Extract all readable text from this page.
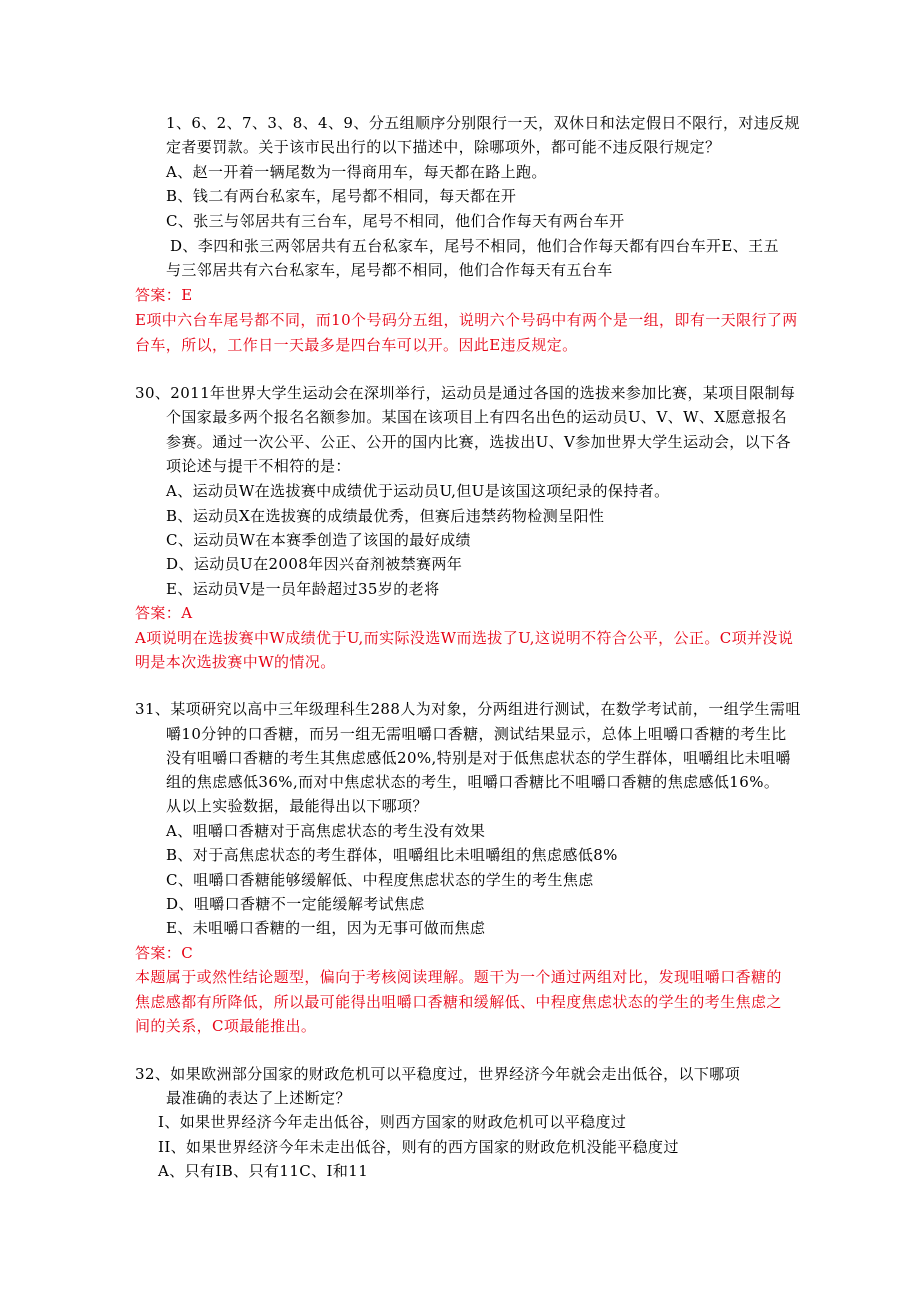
1、6、2、7、3、8、4、9、分五组顺序分别限行一天，双休日和法定假日不限行，对违反规

定者要罚款。关于该市民出行的以下描述中，除哪项外，都可能不违反限行规定？

A、赵一开着一辆尾数为一得商用车，每天都在路上跑。

B、钱二有两台私家车，尾号都不相同，每天都在开

C、张三与邻居共有三台车，尾号不相同，他们合作每天有两台车开

D、李四和张三两邻居共有五台私家车，尾号不相同，他们合作每天都有四台车开E、王五

与三邻居共有六台私家车，尾号都不相同，他们合作每天有五台车

答案：E

E项中六台车尾号都不同，而10个号码分五组，说明六个号码中有两个是一组，即有一天限行了两

台车，所以，工作日一天最多是四台车可以开。因此E违反规定。

30、2011年世界大学生运动会在深圳举行，运动员是通过各国的选拔来参加比赛，某项目限制每

个国家最多两个报名名额参加。某国在该项目上有四名出色的运动员U、V、W、X愿意报名

参赛。通过一次公平、公正、公开的国内比赛，选拔出U、V参加世界大学生运动会，以下各

项论述与提干不相符的是：

A、运动员W在选拔赛中成绩优于运动员U,但U是该国这项纪录的保持者。

B、运动员X在选拔赛的成绩最优秀，但赛后违禁药物检测呈阳性

C、运动员W在本赛季创造了该国的最好成绩

D、运动员U在2008年因兴奋剂被禁赛两年

E、运动员V是一员年龄超过35岁的老将

答案：A

A项说明在选拔赛中W成绩优于U,而实际没选W而选拔了U,这说明不符合公平，公正。C项并没说

明是本次选拔赛中W的情况。

31、某项研究以高中三年级理科生288人为对象，分两组进行测试，在数学考试前，一组学生需咀

嚼10分钟的口香糖，而另一组无需咀嚼口香糖，测试结果显示，总体上咀嚼口香糖的考生比

没有咀嚼口香糖的考生其焦虑感低20%,特别是对于低焦虑状态的学生群体，咀嚼组比未咀嚼

组的焦虑感低36%,而对中焦虑状态的考生，咀嚼口香糖比不咀嚼口香糖的焦虑感低16%。

从以上实验数据，最能得出以下哪项？

A、咀嚼口香糖对于高焦虑状态的考生没有效果

B、对于高焦虑状态的考生群体，咀嚼组比未咀嚼组的焦虑感低8%

C、咀嚼口香糖能够缓解低、中程度焦虑状态的学生的考生焦虑

D、咀嚼口香糖不一定能缓解考试焦虑

E、未咀嚼口香糖的一组，因为无事可做而焦虑

答案：C

本题属于或然性结论题型，偏向于考核阅读理解。题干为一个通过两组对比，发现咀嚼口香糖的

焦虑感都有所降低，所以最可能得出咀嚼口香糖和缓解低、中程度焦虑状态的学生的考生焦虑之

间的关系，C项最能推出。

32、如果欧洲部分国家的财政危机可以平稳度过，世界经济今年就会走出低谷，以下哪项

最准确的表达了上述断定？

I、如果世界经济今年走出低谷，则西方国家的财政危机可以平稳度过

II、如果世界经济今年未走出低谷，则有的西方国家的财政危机没能平稳度过

A、只有IB、只有11C、I和11
